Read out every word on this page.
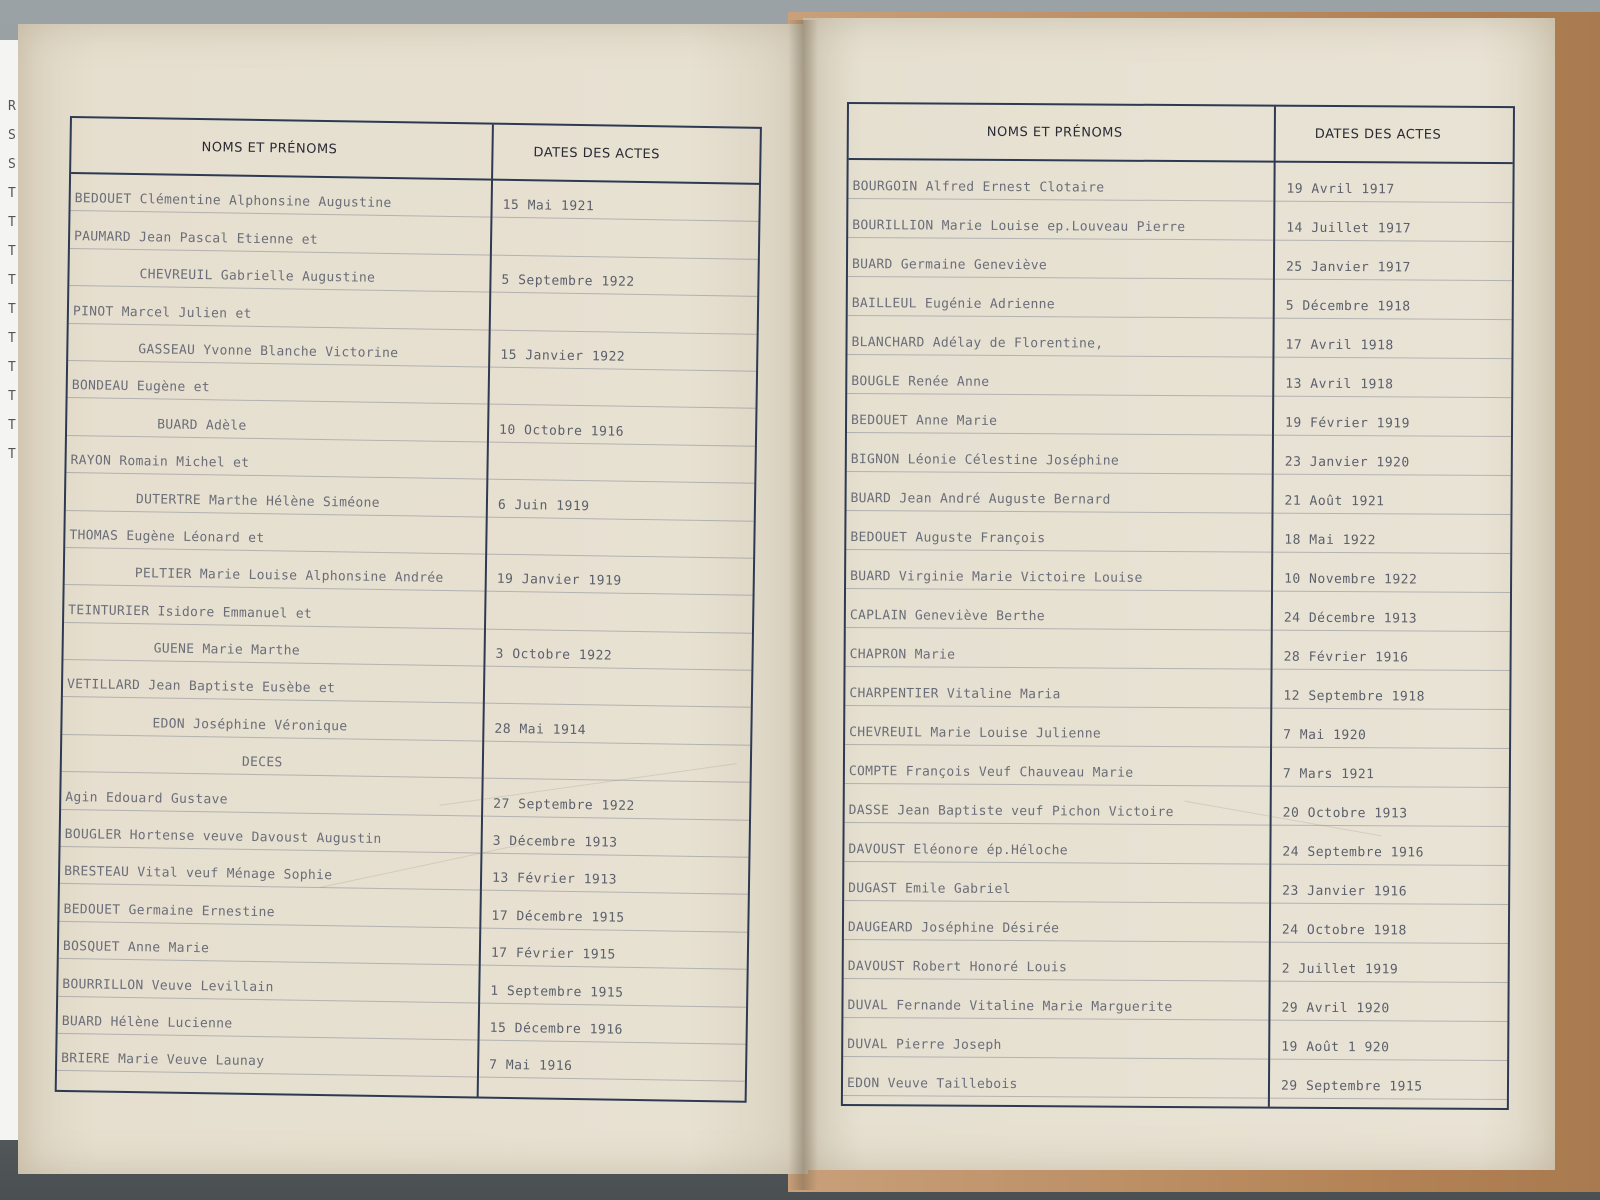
R
S
S
T
T
T
T
T
T
T
T
T
T
NOMS ET PRÉNOMS	DATES DES ACTES
BEDOUET Clémentine Alphonsine Augustine	15 Mai 1921
PAUMARD Jean Pascal Etienne et
CHEVREUIL Gabrielle Augustine	5 Septembre 1922
PINOT Marcel Julien et
GASSEAU Yvonne Blanche Victorine	15 Janvier 1922
BONDEAU Eugène et
BUARD Adèle	10 Octobre 1916
RAYON Romain Michel et
DUTERTRE Marthe Hélène Siméone	6 Juin 1919
THOMAS Eugène Léonard et
PELTIER Marie Louise Alphonsine Andrée	19 Janvier 1919
TEINTURIER Isidore Emmanuel et
GUENE Marie Marthe	3 Octobre 1922
VETILLARD Jean Baptiste Eusèbe et
EDON Joséphine Véronique	28 Mai 1914
DECES
Agin Edouard Gustave	27 Septembre 1922
BOUGLER Hortense veuve Davoust Augustin	3 Décembre 1913
BRESTEAU Vital veuf Ménage Sophie	13 Février 1913
BEDOUET Germaine Ernestine	17 Décembre 1915
BOSQUET Anne Marie	17 Février 1915
BOURRILLON Veuve Levillain	1 Septembre 1915
BUARD Hélène Lucienne	15 Décembre 1916
BRIERE Marie Veuve Launay	7 Mai 1916
NOMS ET PRÉNOMS	DATES DES ACTES
BOURGOIN Alfred Ernest Clotaire	19 Avril 1917
BOURILLION Marie Louise ep.Louveau Pierre	14 Juillet 1917
BUARD Germaine Geneviève	25 Janvier 1917
BAILLEUL Eugénie Adrienne	5 Décembre 1918
BLANCHARD Adélay de Florentine,	17 Avril 1918
BOUGLE Renée Anne	13 Avril 1918
BEDOUET Anne Marie	19 Février 1919
BIGNON Léonie Célestine Joséphine	23 Janvier 1920
BUARD Jean André Auguste Bernard	21 Août 1921
BEDOUET Auguste François	18 Mai 1922
BUARD Virginie Marie Victoire Louise	10 Novembre 1922
CAPLAIN Geneviève Berthe	24 Décembre 1913
CHAPRON Marie	28 Février 1916
CHARPENTIER Vitaline Maria	12 Septembre 1918
CHEVREUIL Marie Louise Julienne	7 Mai 1920
COMPTE François Veuf Chauveau Marie	7 Mars 1921
DASSE Jean Baptiste veuf Pichon Victoire	20 Octobre 1913
DAVOUST Eléonore ép.Héloche	24 Septembre 1916
DUGAST Emile Gabriel	23 Janvier 1916
DAUGEARD Joséphine Désirée	24 Octobre 1918
DAVOUST Robert Honoré Louis	2 Juillet 1919
DUVAL Fernande Vitaline Marie Marguerite	29 Avril 1920
DUVAL Pierre Joseph	19 Août 1 920
EDON Veuve Taillebois	29 Septembre 1915
